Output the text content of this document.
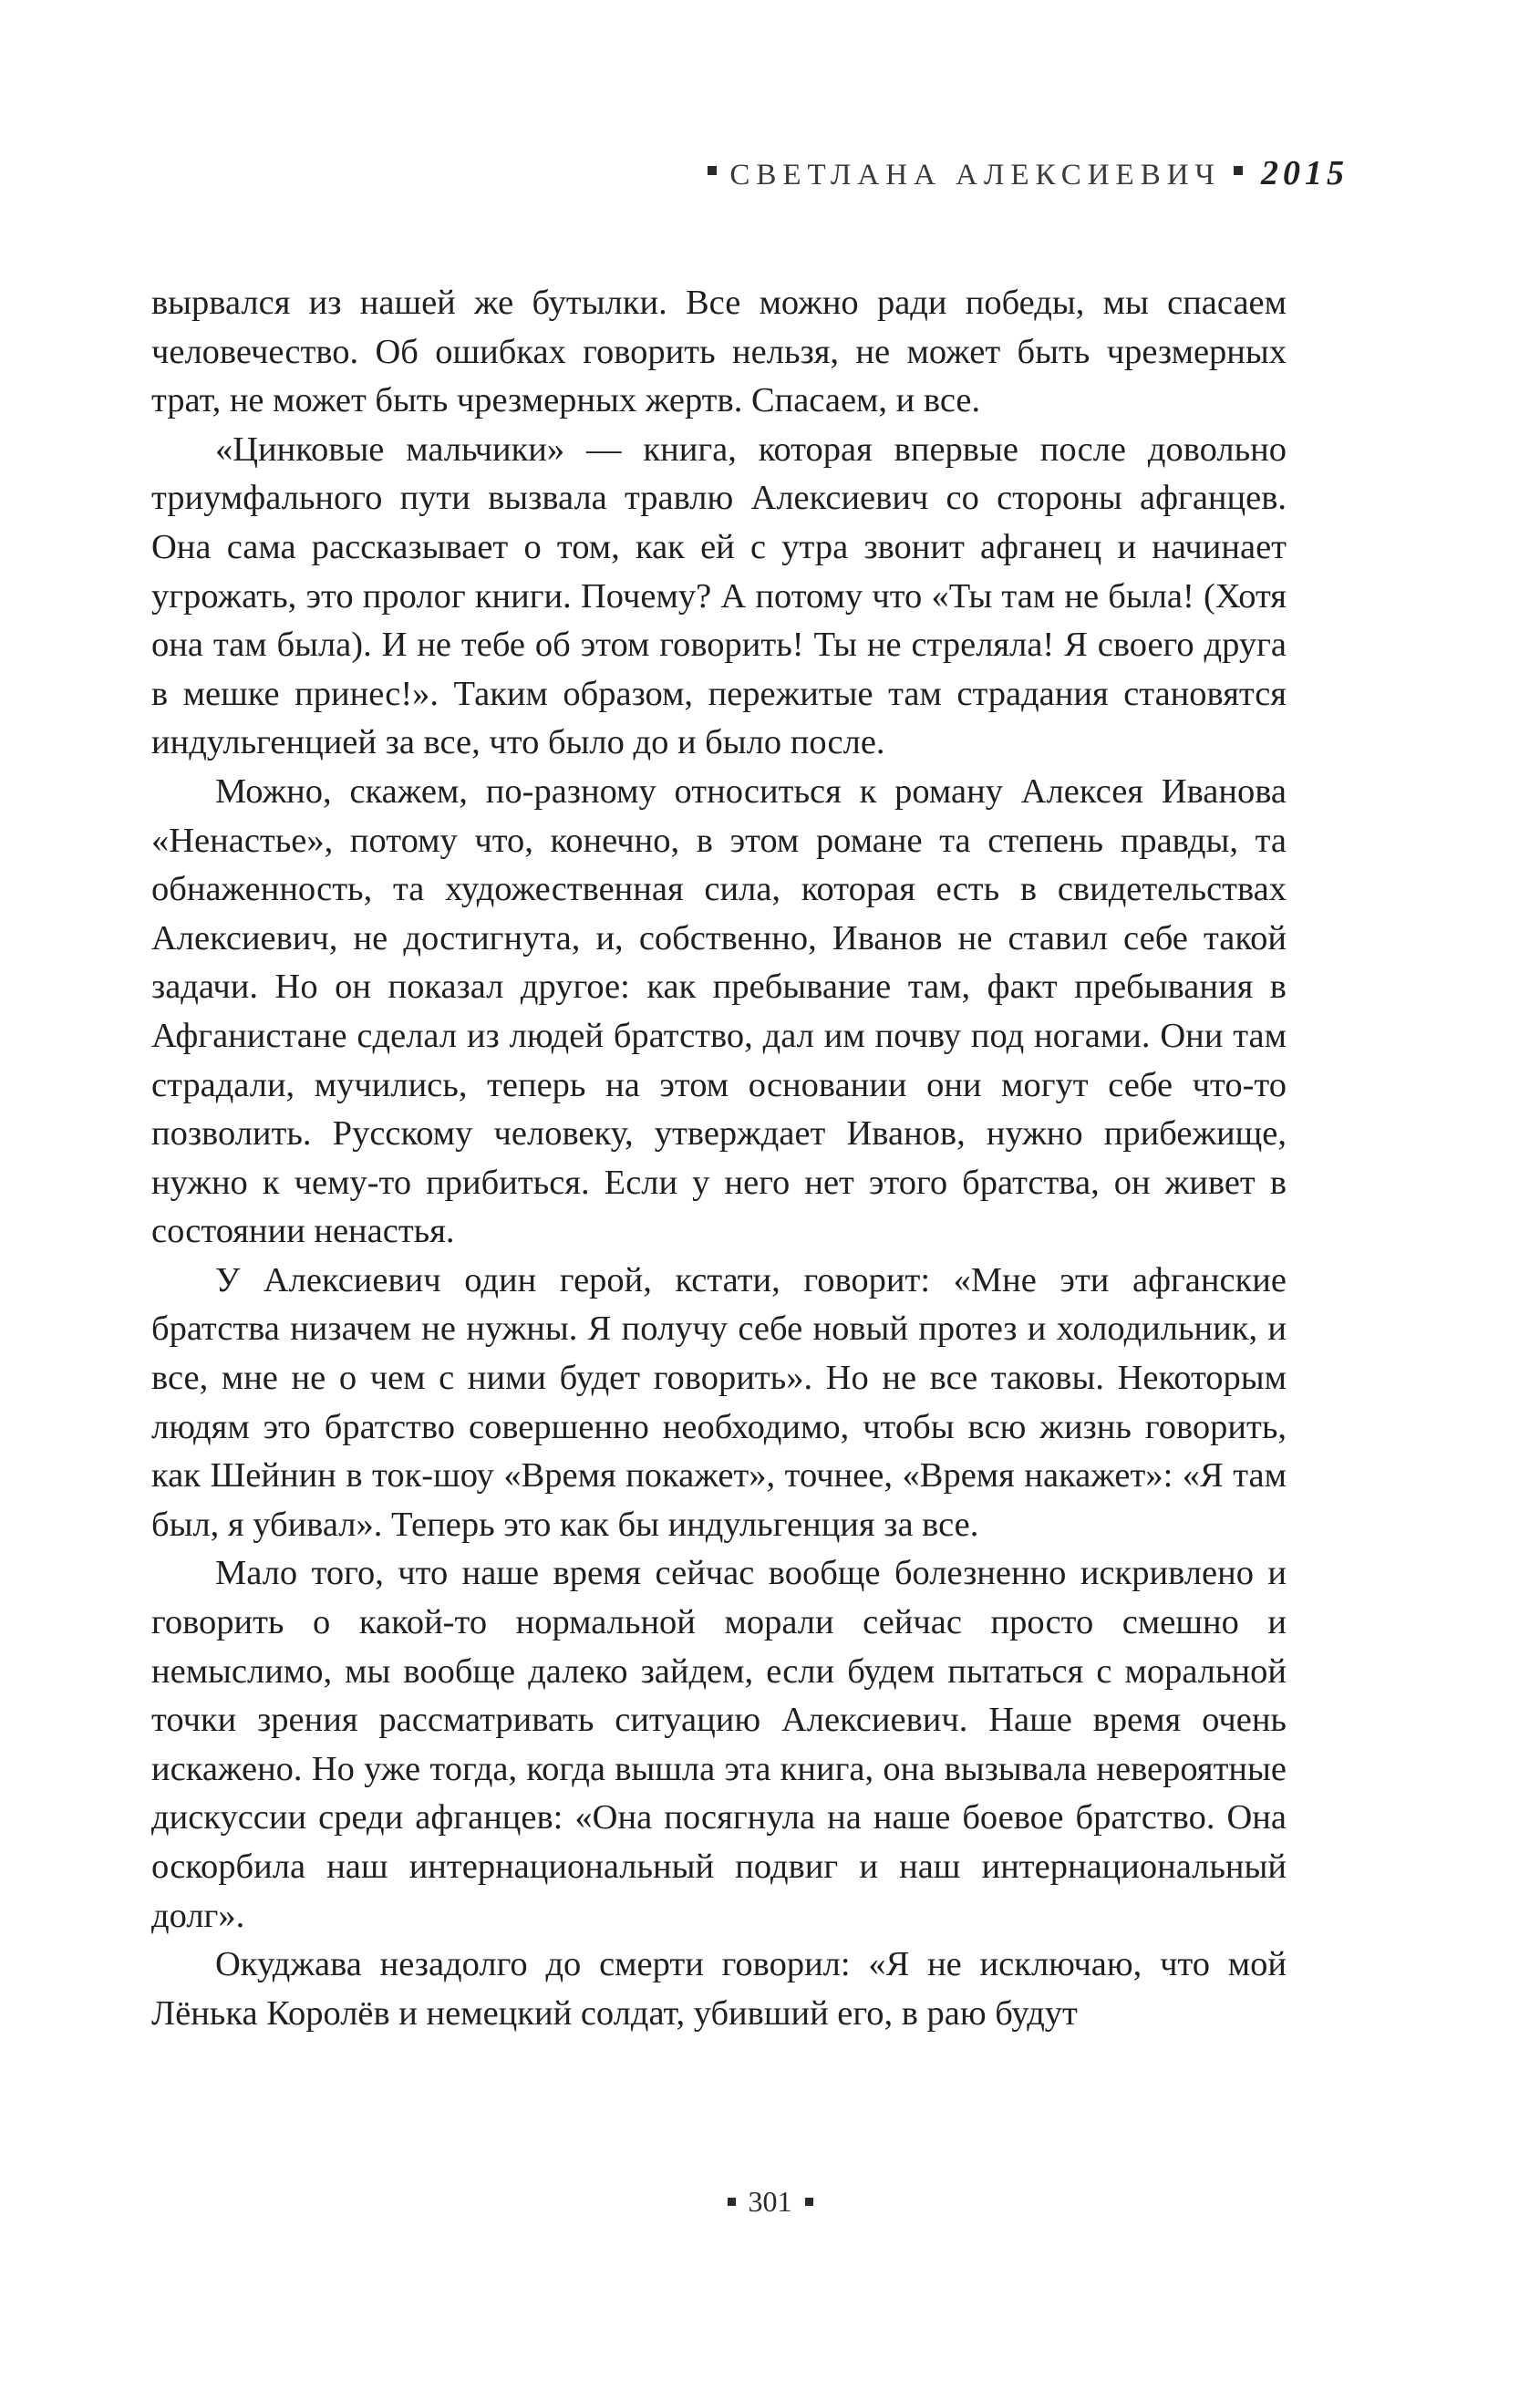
СВЕТЛАНА АЛЕКСИЕВИЧ 2015

вырвался из нашей же бутылки. Все можно ради победы, мы спасаем человечество. Об ошибках говорить нельзя, не может быть чрезмерных трат, не может быть чрезмерных жертв. Спасаем, и все.

«Цинковые мальчики» — книга, которая впервые после довольно триумфального пути вызвала травлю Алексиевич со стороны афганцев. Она сама рассказывает о том, как ей с утра звонит афганец и начинает угрожать, это пролог книги. Почему? А потому что «Ты там не была! (Хотя она там была). И не тебе об этом говорить! Ты не стреляла! Я своего друга в мешке принес!». Таким образом, пережитые там страдания становятся индульгенцией за все, что было до и было после.

Можно, скажем, по-разному относиться к роману Алексея Иванова «Ненастье», потому что, конечно, в этом романе та степень правды, та обнаженность, та художественная сила, которая есть в свидетельствах Алексиевич, не достигнута, и, собственно, Иванов не ставил себе такой задачи. Но он показал другое: как пребывание там, факт пребывания в Афганистане сделал из людей братство, дал им почву под ногами. Они там страдали, мучились, теперь на этом основании они могут себе что-то позволить. Русскому человеку, утверждает Иванов, нужно прибежище, нужно к чему-то прибиться. Если у него нет этого братства, он живет в состоянии ненастья.

У Алексиевич один герой, кстати, говорит: «Мне эти афганские братства низачем не нужны. Я получу себе новый протез и холодильник, и все, мне не о чем с ними будет говорить». Но не все таковы. Некоторым людям это братство совершенно необходимо, чтобы всю жизнь говорить, как Шейнин в ток-шоу «Время покажет», точнее, «Время накажет»: «Я там был, я убивал». Теперь это как бы индульгенция за все.

Мало того, что наше время сейчас вообще болезненно искривлено и говорить о какой-то нормальной морали сейчас просто смешно и немыслимо, мы вообще далеко зайдем, если будем пытаться с моральной точки зрения рассматривать ситуацию Алексиевич. Наше время очень искажено. Но уже тогда, когда вышла эта книга, она вызывала невероятные дискуссии среди афганцев: «Она посягнула на наше боевое братство. Она оскорбила наш интернациональный подвиг и наш интернациональный долг».

Окуджава незадолго до смерти говорил: «Я не исключаю, что мой Лёнька Королёв и немецкий солдат, убивший его, в раю будут

301
